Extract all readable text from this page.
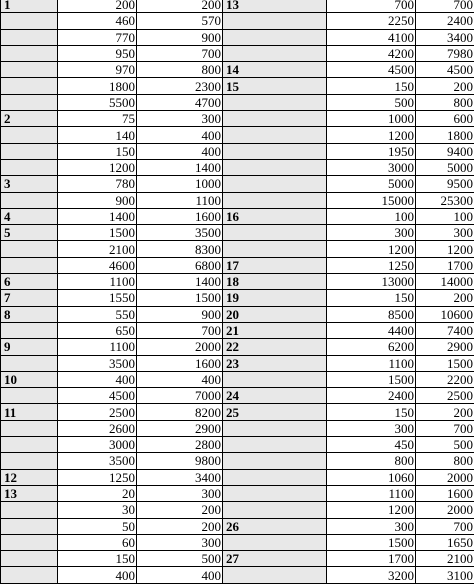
1	200	200	13	700	700
	460	570		2250	2400
	770	900		4100	3400
	950	700		4200	7980
	970	800	14	4500	4500
	1800	2300	15	150	200
	5500	4700		500	800
2	75	300		1000	600
	140	400		1200	1800
	150	400		1950	9400
	1200	1400		3000	5000
3	780	1000		5000	9500
	900	1100		15000	25300
4	1400	1600	16	100	100
5	1500	3500		300	300
	2100	8300		1200	1200
	4600	6800	17	1250	1700
6	1100	1400	18	13000	14000
7	1550	1500	19	150	200
8	550	900	20	8500	10600
	650	700	21	4400	7400
9	1100	2000	22	6200	2900
	3500	1600	23	1100	1500
10	400	400		1500	2200
	4500	7000	24	2400	2500
11	2500	8200	25	150	200
	2600	2900		300	700
	3000	2800		450	500
	3500	9800		800	800
12	1250	3400		1060	2000
13	20	300		1100	1600
	30	200		1200	2000
	50	200	26	300	700
	60	300		1500	1650
	150	500	27	1700	2100
	400	400		3200	3100
